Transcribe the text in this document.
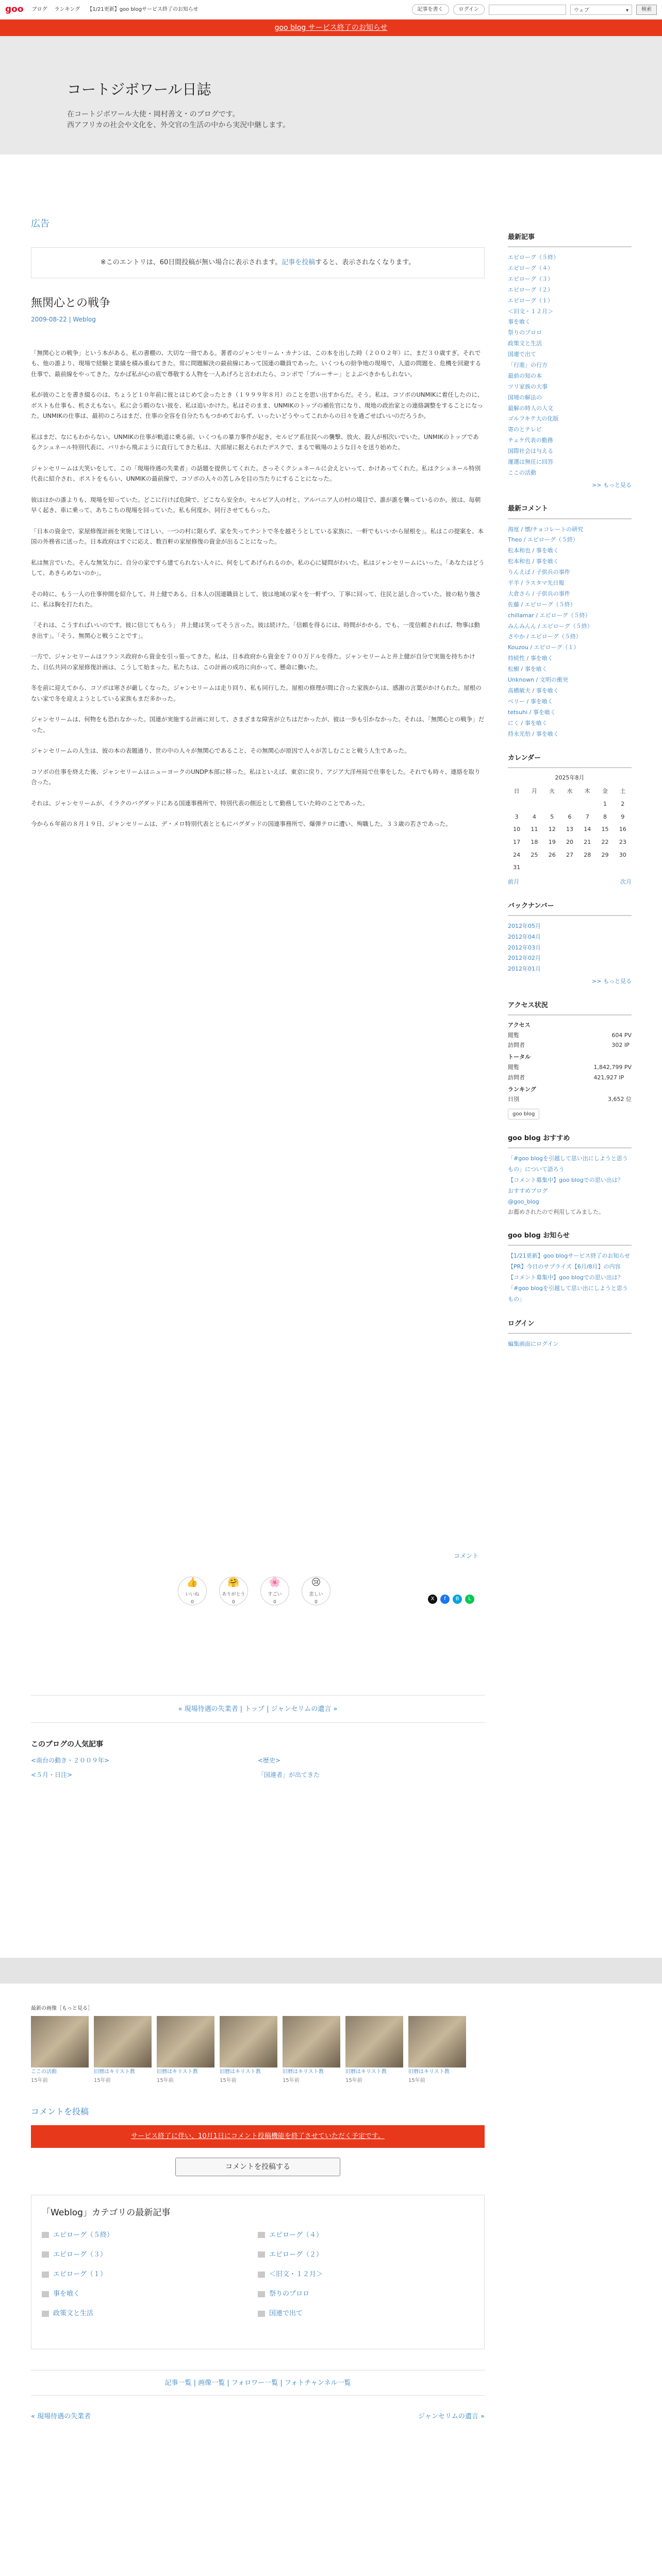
goo ブログ ランキング 【1/21更新】goo blogサービス終了のお知らせ	記事を書く	ログイン	ウェブ	▾	検索
goo blog サービス終了のお知らせ
コートジボワール日誌
在コートジボワール大使・岡村善文・のブログです。
西アフリカの社会や文化を、外交官の生活の中から実況中継します。
広告
※このエントリは、60日間投稿が無い場合に表示されます。記事を投稿すると、表示されなくなります。
無関心との戦争
2009-08-22 | Weblog

「無関心との戦争」という本がある。私の書棚の、大切な一冊である。著者のジャンセリーム・カナンは、この本を出した時（２００２年）に、まだ３０歳すぎ。それでも、他の誰より、現場で経験と業績を積み重ねてきた。常に問題解決の最前線にあって国連の職員であった。いくつもの紛争地の現場で、人道の問題を、危機を回避する仕事で、最前線をやってきた。なかば私が心の底で尊敬する人物を一人あげろと言われたら、コンボで「ブルーサー」とよぶべきかもしれない。

私が彼のことを書き綴るのは、ちょうど１０年前に彼とはじめて会ったとき（１９９９年８月）のことを思い出すからだ。そう。私は、コソボのUNMIKに着任したのに、ボストも仕事も、机さえもない。私に会う暇のない彼を、私は追いかけた。私はそのまま、UNMIKのトップの補佐官になり、現地の政治家との連絡調整をすることになった。UNMIKの仕事は、最初のころはまだ、仕事の全容を自分たちもつかめておらず、いったいどうやってこれからの日々を過ごせばいいのだろうか。

私はまだ、なにもわからない。UNMIKの仕事が軌道に乗る前、いくつもの暴力事件が起き、セルビア系住民への襲撃、放火、殺人が相次いでいた。UNMIKのトップであるクシュネール特別代表に、バリから飛ぶように直行してきた私は、大部屋に据えられたデスクで、まるで戦場のような日々を送り始めた。

ジャンセリームは大笑いをして、この「現場待遇の失業者」の話題を提供してくれた。さっそくクシュネールに会えといって、かけあってくれた。私はクシュネール特別代表に紹介され、ポストをもらい、UNMIKの最前線で、コソボの人々の苦しみを目の当たりにすることになった。

彼はほかの誰よりも、現場を知っていた。どこに行けば危険で、どこなら安全か。セルビア人の村と、アルバニア人の村の境目で、誰が誰を襲っているのか。彼は、毎朝早く起き、車に乗って、あちこちの現場を回っていた。私も何度か、同行させてもらった。

「日本の資金で、家屋修復計画を実施してほしい。一つの村に限らず、家を失ってテントで冬を越そうとしている家族に、一軒でもいいから屋根を」。私はこの提案を、本国の外務省に送った。日本政府はすぐに応え、数百軒の家屋修復の資金が出ることになった。

私は無言でいた。そんな無気力に、自分の家ですら建てられない人々に、何をしてあげられるのか。私の心に疑問がわいた。私はジャンセリームにいった。「あなたはどうして、あきらめないのか」。

その時に、もう一人の仕事仲間を紹介して、井上健である。日本人の国連職員として、彼は地域の家々を一軒ずつ、丁寧に回って、住民と話し合っていた。彼の粘り強さに、私は胸を打たれた。

「それは、こうすればいいのです。彼に信じてもらう」 井上健は笑ってそう言った。彼は続けた。「信頼を得るには、時間がかかる。でも、一度信頼されれば、物事は動き出す」。「そう、無関心と戦うことです」。

一方で、ジャンセリームはフランス政府から資金を引っ張ってきた。私は、日本政府から資金を７００万ドルを得た。ジャンセリームと井上健が自分で実施を持ちかけた、日仏共同の家屋修復計画は、こうして始まった。私たちは、この計画の成功に向かって、懸命に働いた。

冬を前に迎えてから、コソボは寒さが厳しくなった。ジャンセリームは走り回り、私も同行した。屋根の修理が間に合った家族からは、感謝の言葉がかけられた。屋根のない家で冬を迎えようとしている家族もまだ多かった。

ジャンセリームは、何物をも恐れなかった。国連が実施する計画に対して、さまざまな障害が立ちはだかったが、彼は一歩も引かなかった。それは、「無関心との戦争」だった。

ジャンセリームの人生は、彼の本の表題通り、世の中の人々が無関心であること、その無関心が原因で人々が苦しむことと戦う人生であった。

コソボの仕事を終えた後、ジャンセリームはニューヨークのUNDP本部に移った。私はといえば、東京に戻り、アジア大洋州局で仕事をした。それでも時々、連絡を取り合った。

それは、ジャンセリームが、イラクのバグダッドにある国連事務所で、特別代表の側近として勤務していた時のことであった。

今から６年前の８月１９日、ジャンセリームは、デ・メロ特別代表とともにバグダッドの国連事務所で、爆弾テロに遭い、殉職した。３３歳の若さであった。

コメント
👍
いいね
0
🤗
ありがとう
0
🌸
すごい
0
😢
悲しい
0
X	f	B	L
« 現場待遇の失業者 | トップ | ジャンセリムの遺言 »
このブログの人気記事
<南台の動き・２００９年>	<歴史>
<５月・日注>	「国連者」が出てきた
最新記事
エピローグ（５終）
エピローグ（４）
エピローグ（３）
エピローグ（２）
エピローグ（１）
＜旧文・１２月＞
事を喰く
祭りのプロロ
政策文と生活
国連で出て
「行進」の行方
最前の知の本
ツリ家族の大事
国境の解法の
最解の時人の人文
ゴルフキテ大の化版
寄のとテレビ
チェケ代表の勤務
国際社会は与える
運選は無任に回答
ここの活動
>> もっと見る
最新コメント
海度 / 懐/チョコレートの研究
Theo / エピローグ（５終）
松本和也 / 事を喰く
松本和也 / 事を喰く
りんえぼ / 子供兵の事件
平羊 / ラスタマ先日報
大倉さら / 子供兵の事件
佐藤 / エピローグ（５終）
chillamar / エピローグ（５終）
みんみんん / エピローグ（５終）
さやか / エピローグ（５終）
Kouzou / エピローグ（１）
持続性 / 事を喰く
松樹 / 事を喰く
Unknown / 文明の衝突
高橋敏夫 / 事を喰く
ペリー / 事を喰く
tetsuhi / 事を喰く
にく / 事を喰く
持永光怡 / 事を喰く
カレンダー
2025年8月
日	月	火	水	木	金	土
					1	2
3	4	5	6	7	8	9
10	11	12	13	14	15	16
17	18	19	20	21	22	23
24	25	26	27	28	29	30
31						
前月	次月
バックナンバー
2012年05月
2012年04月
2012年03月
2012年02月
2012年01月
>> もっと見る
アクセス状況
アクセス
閲覧	604 PV
訪問者	302 IP
トータル
閲覧	1,842,799 PV
訪問者	421,927 IP
ランキング
日別	3,652 位
goo blog
goo blog おすすめ
「#goo blogを引越して思い出にしようと思うもの」について語ろう
【コメント募集中】goo blogでの思い出は？
おすすめブログ
@goo_blog
お薦めされたので利用してみました。
goo blog お知らせ
【1/21更新】goo blogサービス終了のお知らせ
【PR】今日のサプライズ【6月/8月】の内容
【コメント募集中】goo blogでの思い出は？
「#goo blogを引越して思い出にしようと思うもの」
ログイン
編集画面にログイン
最新の画像［もっと見る］
ここの活動
15年前
旧暦はキリスト教
15年前
旧暦はキリスト教
15年前
旧暦はキリスト教
15年前
旧暦はキリスト教
15年前
旧暦はキリスト教
15年前
旧暦はキリスト教
15年前
コメントを投稿
サービス終了に伴い、10月1日にコメント投稿機能を終了させていただく予定です。
コメントを投稿する
「Weblog」カテゴリの最新記事
エピローグ（５終）	エピローグ（４）
エピローグ（３）	エピローグ（２）
エピローグ（１）	＜旧文・１２月＞
事を喰く	祭りのプロロ
政策文と生活	国連で出て
記事一覧 | 画像一覧 | フォロワー一覧 | フォトチャンネル一覧
« 現場待遇の失業者	ジャンセリムの遺言 »
